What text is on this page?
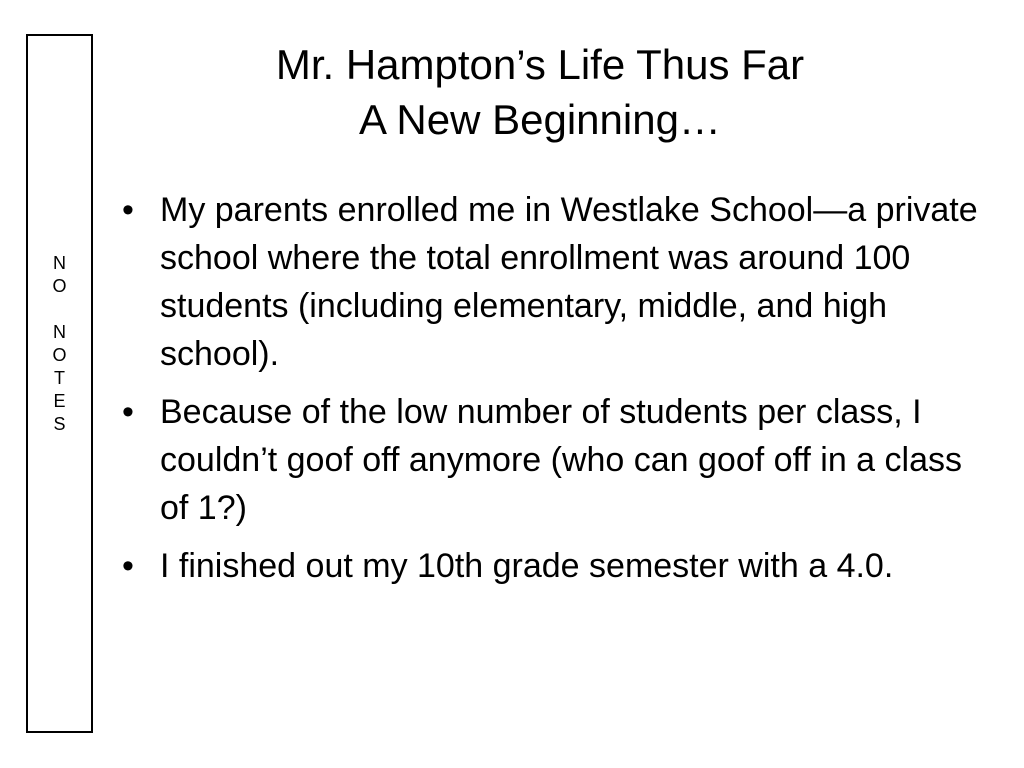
N
O

N
O
T
E
S
Mr. Hampton’s Life Thus Far
A New Beginning…
• My parents enrolled me in Westlake School—a private school where the total enrollment was around 100 students (including elementary, middle, and high school).
• Because of the low number of students per class, I couldn’t goof off anymore (who can goof off in a class of 1?)
• I finished out my 10th grade semester with a 4.0.
